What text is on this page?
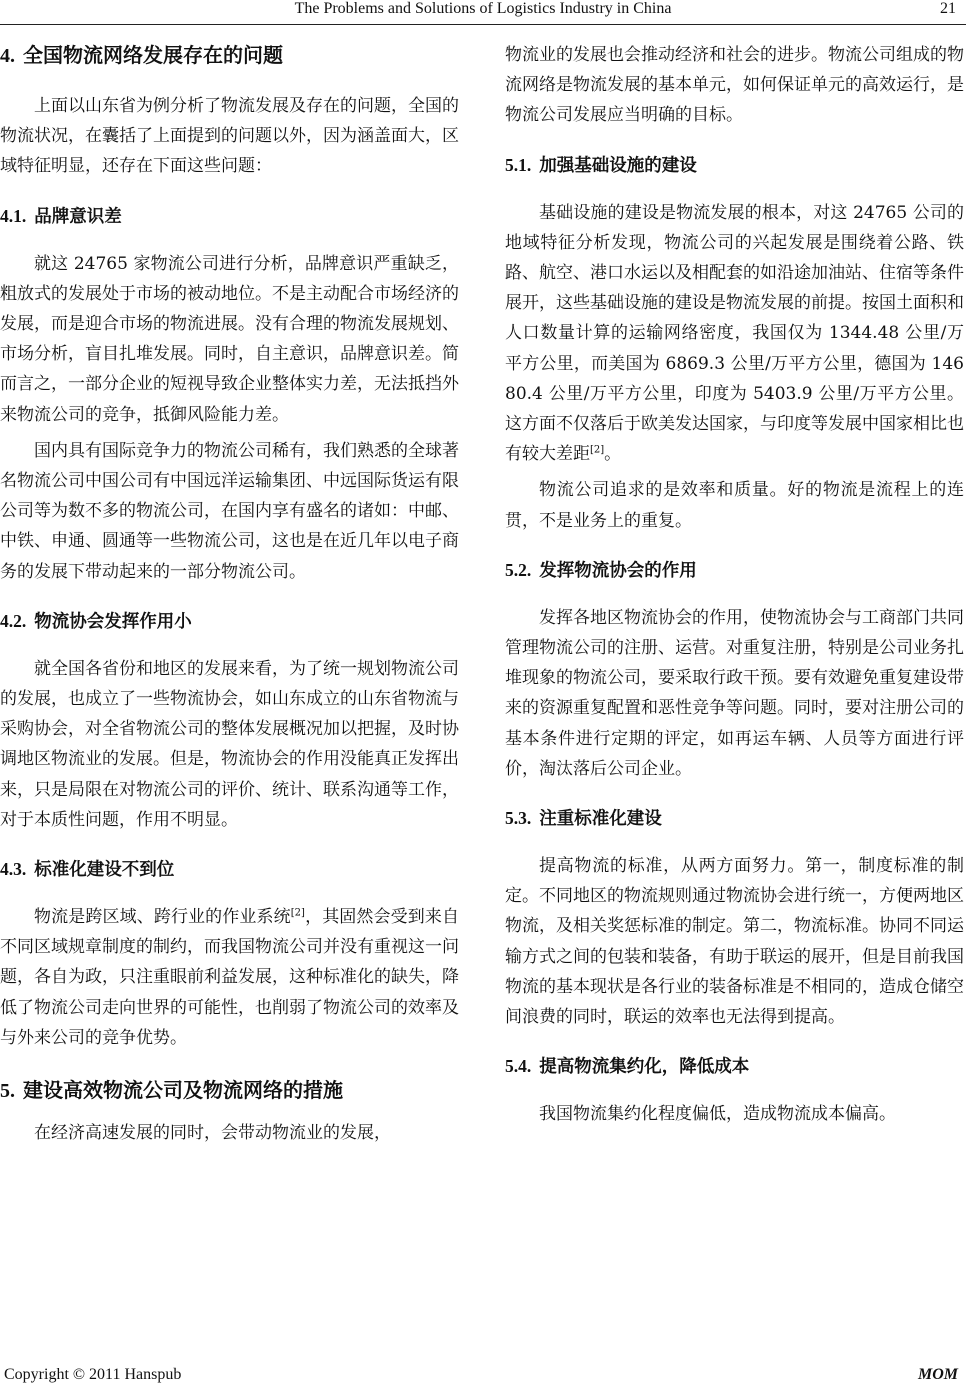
The Problems and Solutions of Logistics Industry in China	21
4. 全国物流网络发展存在的问题

上面以山东省为例分析了物流发展及存在的问题，全国的物流状况，在囊括了上面提到的问题以外，因为涵盖面大，区域特征明显，还存在下面这些问题：

4.1. 品牌意识差

就这 24765 家物流公司进行分析，品牌意识严重缺乏，粗放式的发展处于市场的被动地位。不是主动配合市场经济的发展，而是迎合市场的物流进展。没有合理的物流发展规划、市场分析，盲目扎堆发展。同时，自主意识，品牌意识差。简而言之，一部分企业的短视导致企业整体实力差，无法抵挡外来物流公司的竞争，抵御风险能力差。

国内具有国际竞争力的物流公司稀有，我们熟悉的全球著名物流公司中国公司有中国远洋运输集团、中远国际货运有限公司等为数不多的物流公司，在国内享有盛名的诸如：中邮、中铁、申通、圆通等一些物流公司，这也是在近几年以电子商务的发展下带动起来的一部分物流公司。

4.2. 物流协会发挥作用小

就全国各省份和地区的发展来看，为了统一规划物流公司的发展，也成立了一些物流协会，如山东成立的山东省物流与采购协会，对全省物流公司的整体发展概况加以把握，及时协调地区物流业的发展。但是，物流协会的作用没能真正发挥出来，只是局限在对物流公司的评价、统计、联系沟通等工作，对于本质性问题，作用不明显。

4.3. 标准化建设不到位

物流是跨区域、跨行业的作业系统[2]，其固然会受到来自不同区域规章制度的制约，而我国物流公司并没有重视这一问题，各自为政，只注重眼前利益发展，这种标准化的缺失，降低了物流公司走向世界的可能性，也削弱了物流公司的效率及与外来公司的竞争优势。

5. 建设高效物流公司及物流网络的措施

在经济高速发展的同时，会带动物流业的发展，

物流业的发展也会推动经济和社会的进步。物流公司组成的物流网络是物流发展的基本单元，如何保证单元的高效运行，是物流公司发展应当明确的目标。

5.1. 加强基础设施的建设

基础设施的建设是物流发展的根本，对这 24765 公司的地域特征分析发现，物流公司的兴起发展是围绕着公路、铁路、航空、港口水运以及相配套的如沿途加油站、住宿等条件展开，这些基础设施的建设是物流发展的前提。按国土面积和人口数量计算的运输网络密度，我国仅为 1344.48 公里/万平方公里，而美国为 6869.3 公里/万平方公里，德国为 14680.4 公里/万平方公里，印度为 5403.9 公里/万平方公里。这方面不仅落后于欧美发达国家，与印度等发展中国家相比也有较大差距[2]。

物流公司追求的是效率和质量。好的物流是流程上的连贯，不是业务上的重复。

5.2. 发挥物流协会的作用

发挥各地区物流协会的作用，使物流协会与工商部门共同管理物流公司的注册、运营。对重复注册，特别是公司业务扎堆现象的物流公司，要采取行政干预。要有效避免重复建设带来的资源重复配置和恶性竞争等问题。同时，要对注册公司的基本条件进行定期的评定，如再运车辆、人员等方面进行评价，淘汰落后公司企业。

5.3. 注重标准化建设

提高物流的标准，从两方面努力。第一，制度标准的制定。不同地区的物流规则通过物流协会进行统一，方便两地区物流，及相关奖惩标准的制定。第二，物流标准。协同不同运输方式之间的包装和装备，有助于联运的展开，但是目前我国物流的基本现状是各行业的装备标准是不相同的，造成仓储空间浪费的同时，联运的效率也无法得到提高。

5.4. 提高物流集约化，降低成本

我国物流集约化程度偏低，造成物流成本偏高。

Copyright © 2011 Hanspub	MOM
